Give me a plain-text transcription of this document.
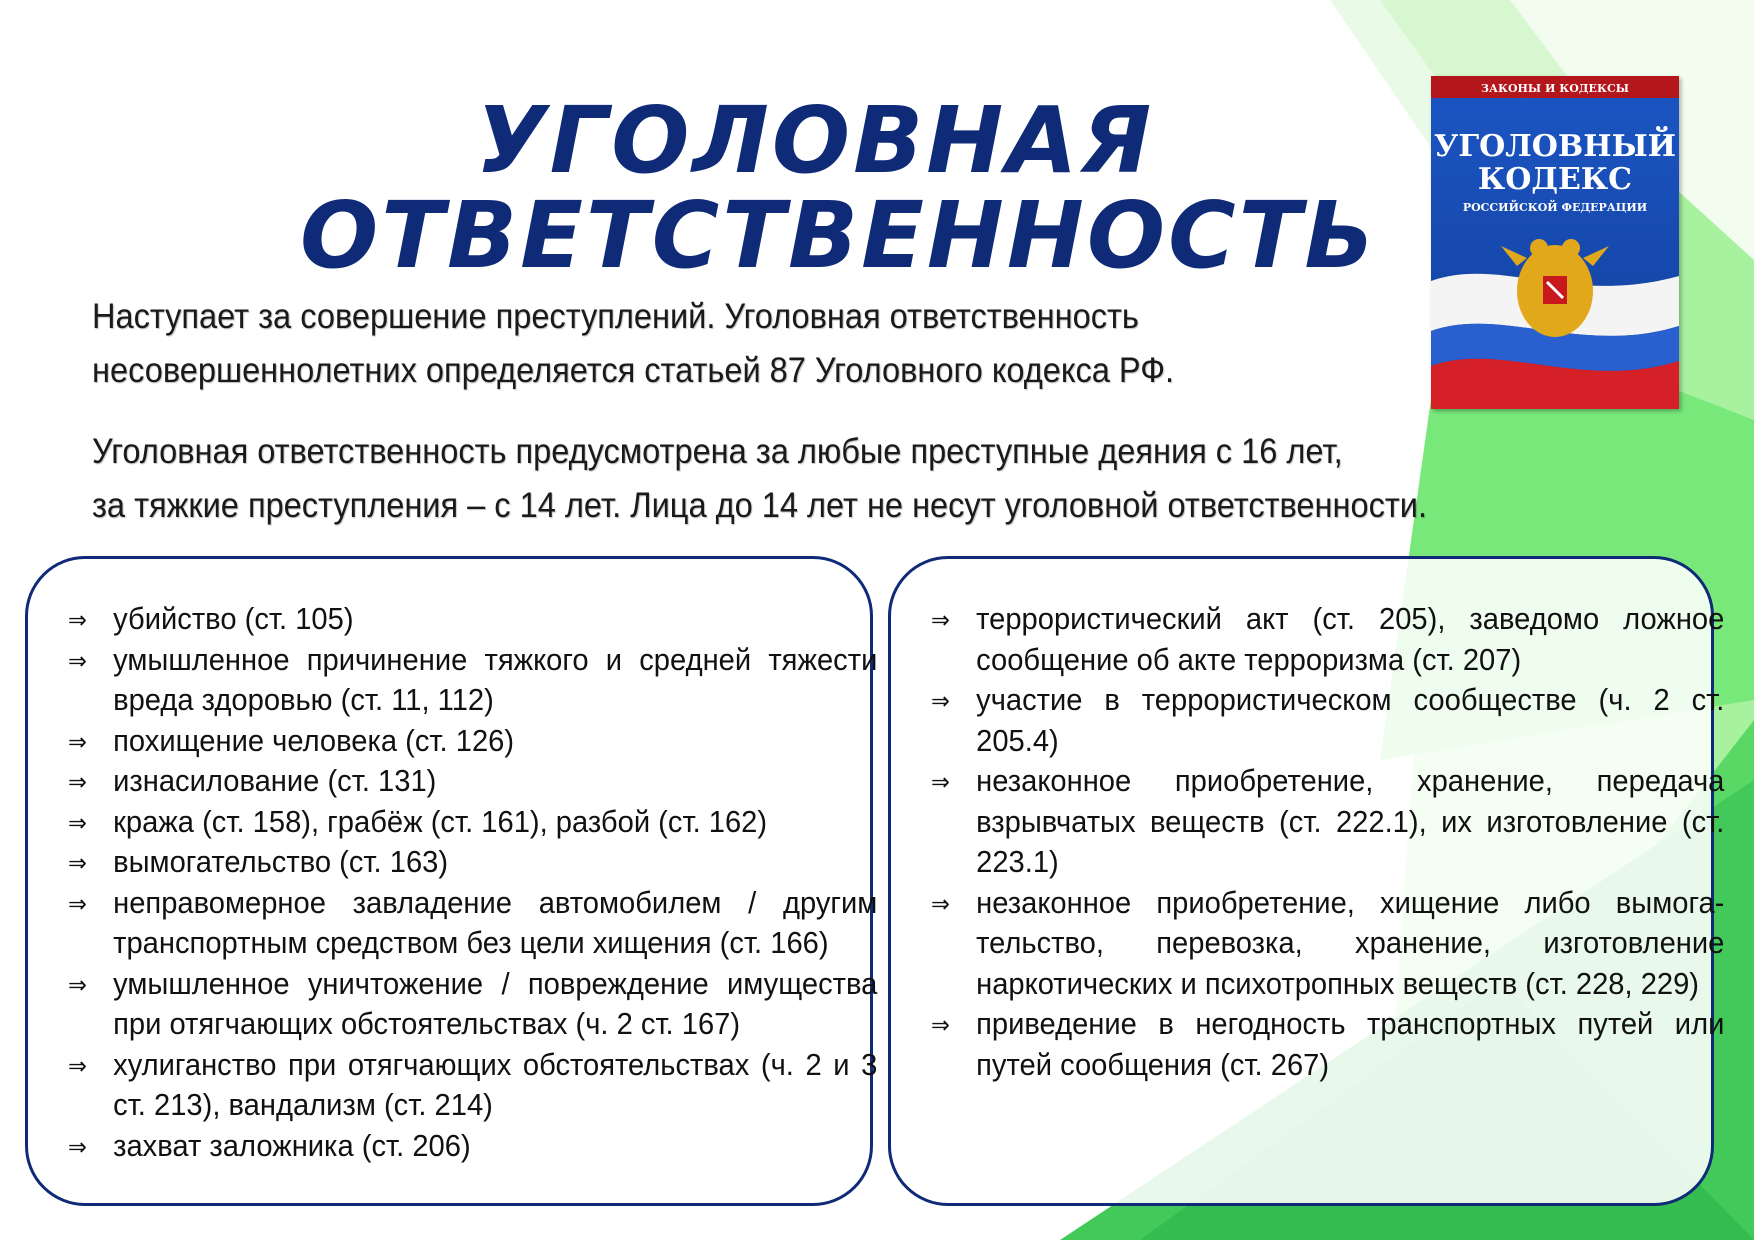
УГОЛОВНАЯ
ОТВЕТСТВЕННОСТЬ
Наступает за совершение преступлений. Уголовная ответственность
несовершеннолетних определяется статьей 87 Уголовного кодекса РФ.
Уголовная ответственность предусмотрена за любые преступные деяния с 16 лет,
за тяжкие преступления – с 14 лет. Лица до 14 лет не несут уголовной ответственности.
ЗАКОНЫ И КОДЕКСЫ
УГОЛОВНЫЙ
КОДЕКС
РОССИЙСКОЙ ФЕДЕРАЦИИ
⇒ убийство (ст. 105)
⇒ умышленное причинение тяжкого и средней тяжести вреда здоровью (ст. 11, 112)
⇒ похищение человека (ст. 126)
⇒ изнасилование (ст. 131)
⇒ кража (ст. 158), грабёж (ст. 161), разбой (ст. 162)
⇒ вымогательство (ст. 163)
⇒ неправомерное завладение автомобилем / другим транспортным средством без цели хищения (ст. 166)
⇒ умышленное уничтожение / повреждение имущества при отягчающих обстоятельствах (ч. 2 ст. 167)
⇒ хулиганство при отягчающих обстоятельствах (ч. 2 и 3 ст. 213), вандализм (ст. 214)
⇒ захват заложника (ст. 206)
⇒ террористический акт (ст. 205), заведомо ложное сообщение об акте терроризма (ст. 207)
⇒ участие в террористическом сообществе (ч. 2 ст. 205.4)
⇒ незаконное приобретение, хранение, передача взрывчатых веществ (ст. 222.1), их изготовление (ст. 223.1)
⇒ незаконное приобретение, хищение либо вымога-тельство, перевозка, хранение, изготовление наркотических и психотропных веществ (ст. 228, 229)
⇒ приведение в негодность транспортных путей или путей сообщения (ст. 267)
